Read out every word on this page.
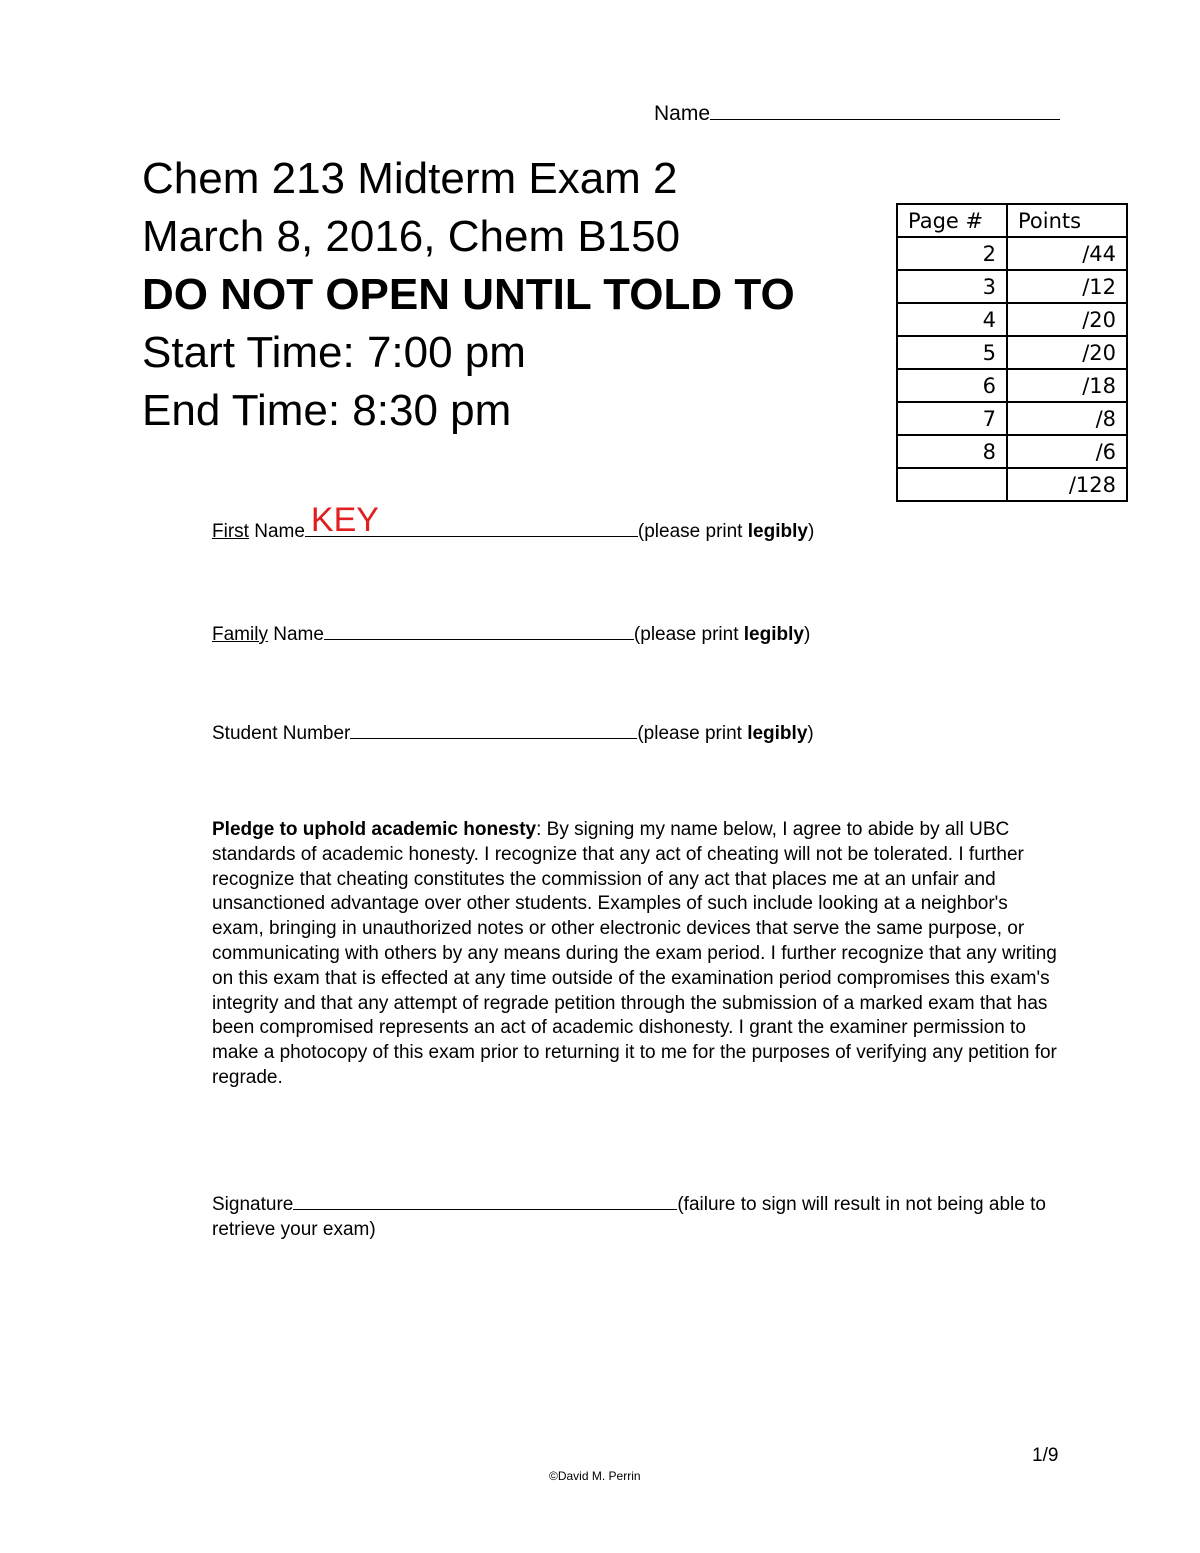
Name
Chem 213 Midterm Exam 2
March 8, 2016, Chem B150
DO NOT OPEN UNTIL TOLD TO
Start Time: 7:00 pm
End Time: 8:30 pm
Page #	Points
2	/44
3	/12
4	/20
5	/20
6	/18
7	/8
8	/6
	/128
First Name KEY	(please print legibly)
Family Name	(please print legibly)
Student Number	(please print legibly)
Pledge to uphold academic honesty: By signing my name below, I agree to abide by all UBC standards of academic honesty. I recognize that any act of cheating will not be tolerated. I further recognize that cheating constitutes the commission of any act that places me at an unfair and unsanctioned advantage over other students. Examples of such include looking at a neighbor's exam, bringing in unauthorized notes or other electronic devices that serve the same purpose, or communicating with others by any means during the exam period. I further recognize that any writing on this exam that is effected at any time outside of the examination period compromises this exam's integrity and that any attempt of regrade petition through the submission of a marked exam that has been compromised represents an act of academic dishonesty. I grant the examiner permission to make a photocopy of this exam prior to returning it to me for the purposes of verifying any petition for regrade.
Signature	(failure to sign will result in not being able to retrieve your exam)
1/9
©David M. Perrin
